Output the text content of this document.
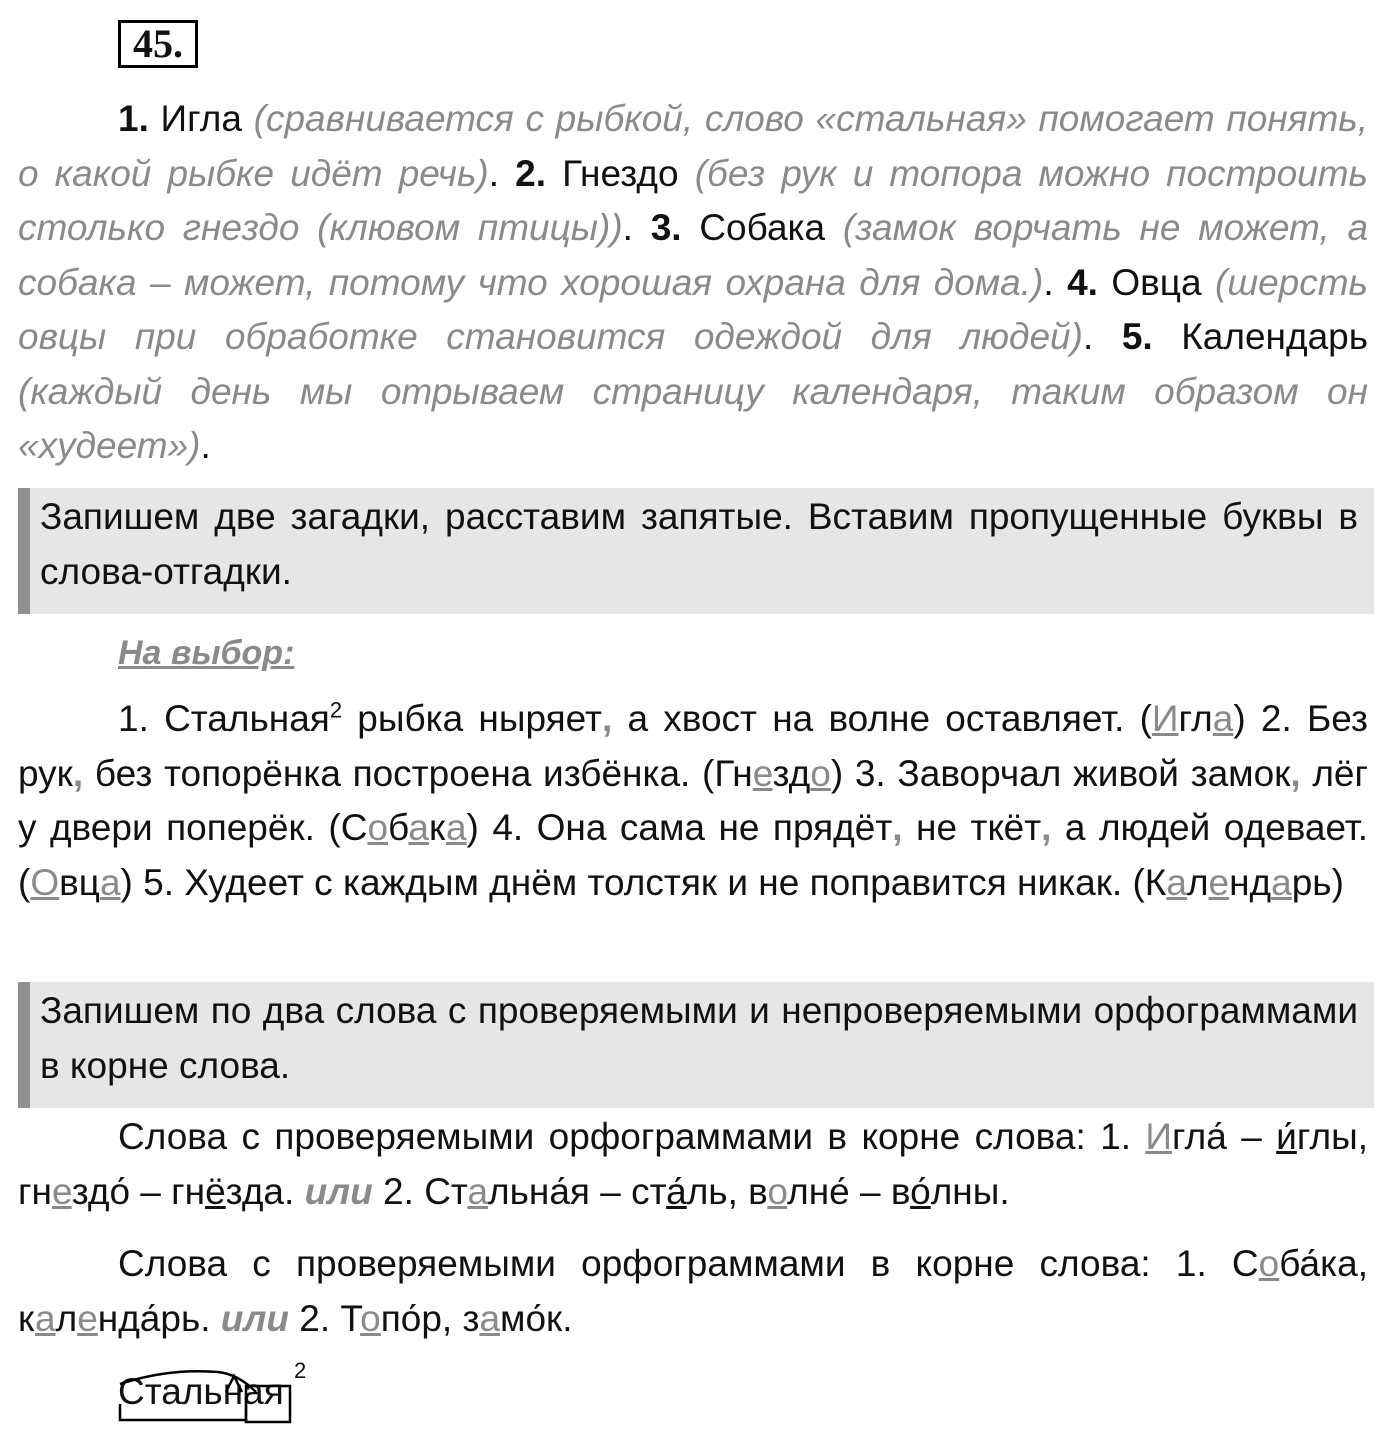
45.

1. Игла (сравнивается с рыбкой, слово «стальная» помогает понять, о какой рыбке идёт речь). 2. Гнездо (без рук и топора можно построить столько гнездо (клювом птицы)). 3. Собака (замок ворчать не может, а собака – может, потому что хорошая охрана для дома.). 4. Овца (шерсть овцы при обработке становится одеждой для людей). 5. Календарь (каждый день мы отрываем страницу календаря, таким образом он «худеет»).

Запишем две загадки, расставим запятые. Вставим пропущенные буквы в слова-отгадки.
На выбор:

1. Стальная$^2$ рыбка ныряет, а хвост на волне оставляет. (Игла) 2. Без рук, без топорёнка построена избёнка. (Гнездо) 3. Заворчал живой замок, лёг у двери поперёк. (Собака) 4. Она сама не прядёт, не ткёт, а людей одевает. (Овца) 5. Худеет с каждым днём толстяк и не поправится никак. (Календарь)

Запишем по два слова с проверяемыми и непроверяемыми орфограммами в корне слова.

Слова с проверяемыми орфограммами в корне слова: 1. Игла́ – и́глы, гнездо́ – гнёзда. или 2. Стальна́я – ста́ль, волне́ – во́лны.

Слова с проверяемыми орфограммами в корне слова: 1. Соба́ка, календа́рь. или 2. Топо́р, замо́к.

Стальная
2
